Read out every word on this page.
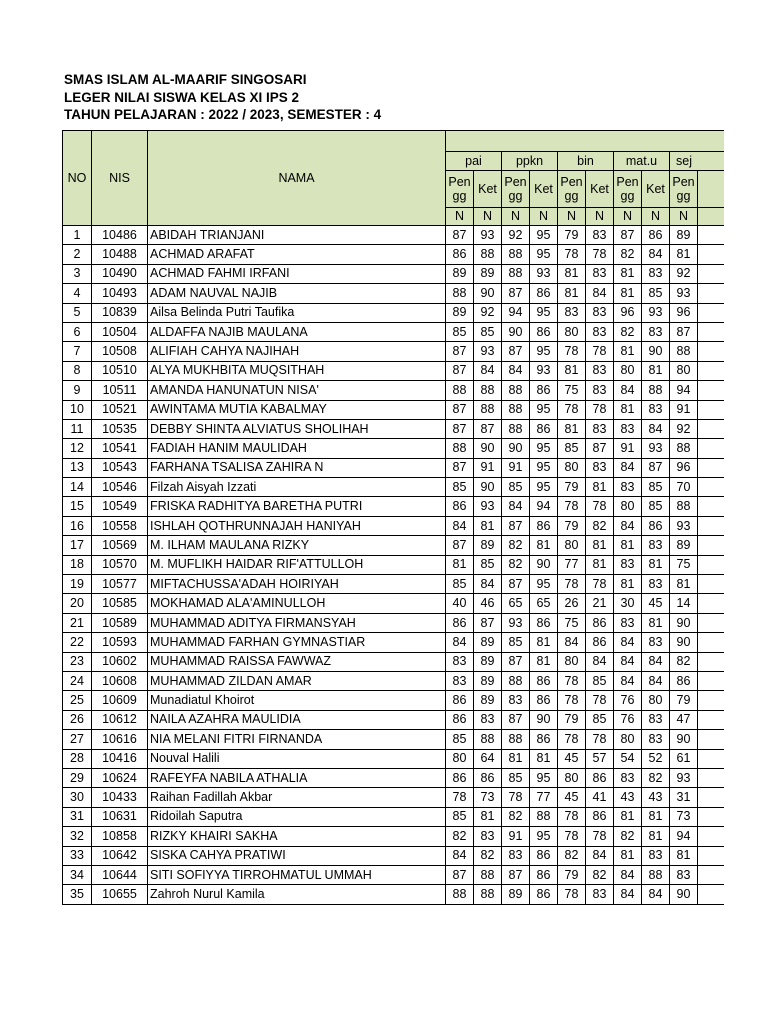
SMAS ISLAM AL-MAARIF SINGOSARI
LEGER NILAI SISWA KELAS XI IPS 2
TAHUN PELAJARAN : 2022 / 2023, SEMESTER : 4
NO	NIS	NAMA										
			pai		ppkn		bin		mat.u		sej	
			Pengg	Ket	Pengg	Ket	Pengg	Ket	Pengg	Ket	Pengg	
			N	N	N	N	N	N	N	N	N	
1	10486	ABIDAH TRIANJANI	87	93	92	95	79	83	87	86	89	
2	10488	ACHMAD ARAFAT	86	88	88	95	78	78	82	84	81	
3	10490	ACHMAD FAHMI IRFANI	89	89	88	93	81	83	81	83	92	
4	10493	ADAM NAUVAL NAJIB	88	90	87	86	81	84	81	85	93	
5	10839	Ailsa Belinda Putri Taufika	89	92	94	95	83	83	96	93	96	
6	10504	ALDAFFA NAJIB MAULANA	85	85	90	86	80	83	82	83	87	
7	10508	ALIFIAH CAHYA NAJIHAH	87	93	87	95	78	78	81	90	88	
8	10510	ALYA MUKHBITA MUQSITHAH	87	84	84	93	81	83	80	81	80	
9	10511	AMANDA HANUNATUN NISA'	88	88	88	86	75	83	84	88	94	
10	10521	AWINTAMA MUTIA KABALMAY	87	88	88	95	78	78	81	83	91	
11	10535	DEBBY SHINTA ALVIATUS SHOLIHAH	87	87	88	86	81	83	83	84	92	
12	10541	FADIAH HANIM MAULIDAH	88	90	90	95	85	87	91	93	88	
13	10543	FARHANA TSALISA ZAHIRA N	87	91	91	95	80	83	84	87	96	
14	10546	Filzah Aisyah Izzati	85	90	85	95	79	81	83	85	70	
15	10549	FRISKA RADHITYA BARETHA PUTRI	86	93	84	94	78	78	80	85	88	
16	10558	ISHLAH QOTHRUNNAJAH HANIYAH	84	81	87	86	79	82	84	86	93	
17	10569	M. ILHAM MAULANA RIZKY	87	89	82	81	80	81	81	83	89	
18	10570	M. MUFLIKH HAIDAR RIF'ATTULLOH	81	85	82	90	77	81	83	81	75	
19	10577	MIFTACHUSSA'ADAH HOIRIYAH	85	84	87	95	78	78	81	83	81	
20	10585	MOKHAMAD ALA'AMINULLOH	40	46	65	65	26	21	30	45	14	
21	10589	MUHAMMAD ADITYA FIRMANSYAH	86	87	93	86	75	86	83	81	90	
22	10593	MUHAMMAD FARHAN GYMNASTIAR	84	89	85	81	84	86	84	83	90	
23	10602	MUHAMMAD RAISSA FAWWAZ	83	89	87	81	80	84	84	84	82	
24	10608	MUHAMMAD ZILDAN AMAR	83	89	88	86	78	85	84	84	86	
25	10609	Munadiatul Khoirot	86	89	83	86	78	78	76	80	79	
26	10612	NAILA AZAHRA MAULIDIA	86	83	87	90	79	85	76	83	47	
27	10616	NIA MELANI FITRI FIRNANDA	85	88	88	86	78	78	80	83	90	
28	10416	Nouval Halili	80	64	81	81	45	57	54	52	61	
29	10624	RAFEYFA NABILA ATHALIA	86	86	85	95	80	86	83	82	93	
30	10433	Raihan Fadillah Akbar	78	73	78	77	45	41	43	43	31	
31	10631	Ridoilah Saputra	85	81	82	88	78	86	81	81	73	
32	10858	RIZKY KHAIRI SAKHA	82	83	91	95	78	78	82	81	94	
33	10642	SISKA CAHYA PRATIWI	84	82	83	86	82	84	81	83	81	
34	10644	SITI SOFIYYA TIRROHMATUL UMMAH	87	88	87	86	79	82	84	88	83	
35	10655	Zahroh Nurul Kamila	88	88	89	86	78	83	84	84	90	
